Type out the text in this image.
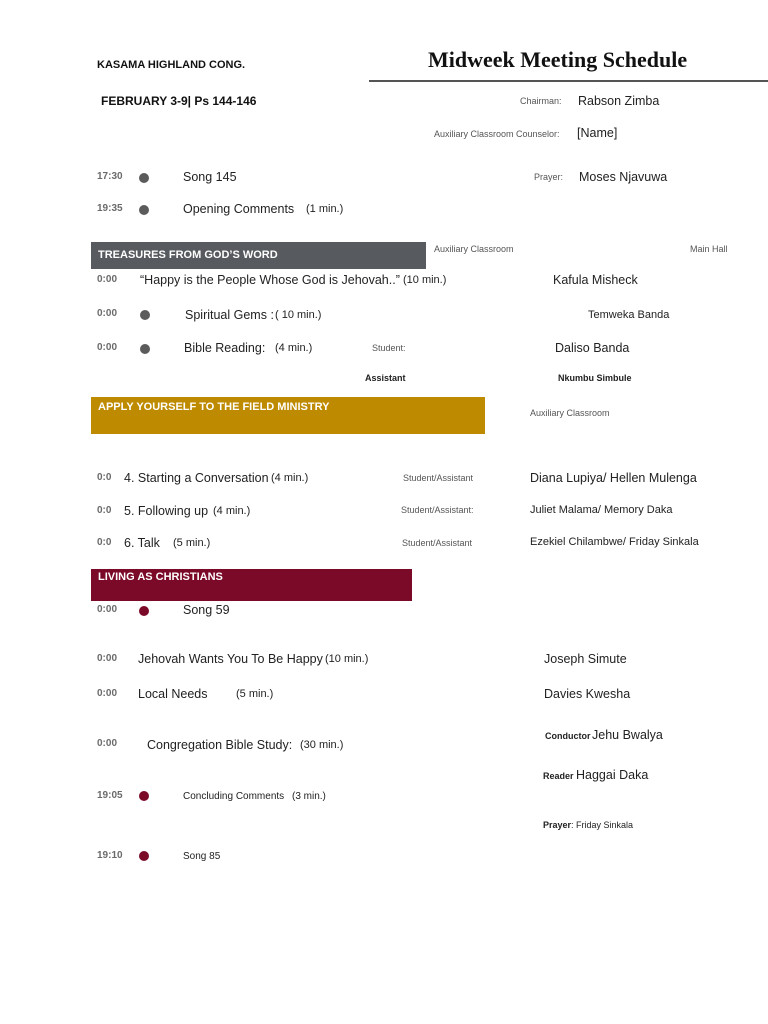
KASAMA HIGHLAND CONG.	Midweek Meeting Schedule
FEBRUARY 3-9| Ps 144-146	Chairman: Rabson Zimba
Auxiliary Classroom Counselor: [Name]
17:30	Song 145	Prayer: Moses Njavuwa
19:35	Opening Comments (1 min.)
TREASURES FROM GOD’S WORD	Auxiliary Classroom	Main Hall
0:00 “Happy is the People Whose God is Jehovah..” (10 min.)	Kafula Misheck
0:00	Spiritual Gems : ( 10 min.)	Temweka Banda
0:00	Bible Reading: (4 min.)	Student:	Daliso Banda
Assistant	Nkumbu Simbule
APPLY YOURSELF TO THE FIELD MINISTRY	Auxiliary Classroom
0:0 4. Starting a Conversation (4 min.)	Student/Assistant	Diana Lupiya/ Hellen Mulenga
0:0 5. Following up (4 min.)	Student/Assistant:	Juliet Malama/ Memory Daka
0:0 6. Talk (5 min.)	Student/Assistant	Ezekiel Chilambwe/ Friday Sinkala
LIVING AS CHRISTIANS
0:00	Song 59
0:00 Jehovah Wants You To Be Happy (10 min.)	Joseph Simute
0:00 Local Needs	(5 min.)	Davies Kwesha
0:00 Congregation Bible Study: (30 min.)
Conductor Jehu Bwalya
Reader Haggai Daka
19:05	Concluding Comments (3 min.)
Prayer : Friday Sinkala
19:10	Song 85
